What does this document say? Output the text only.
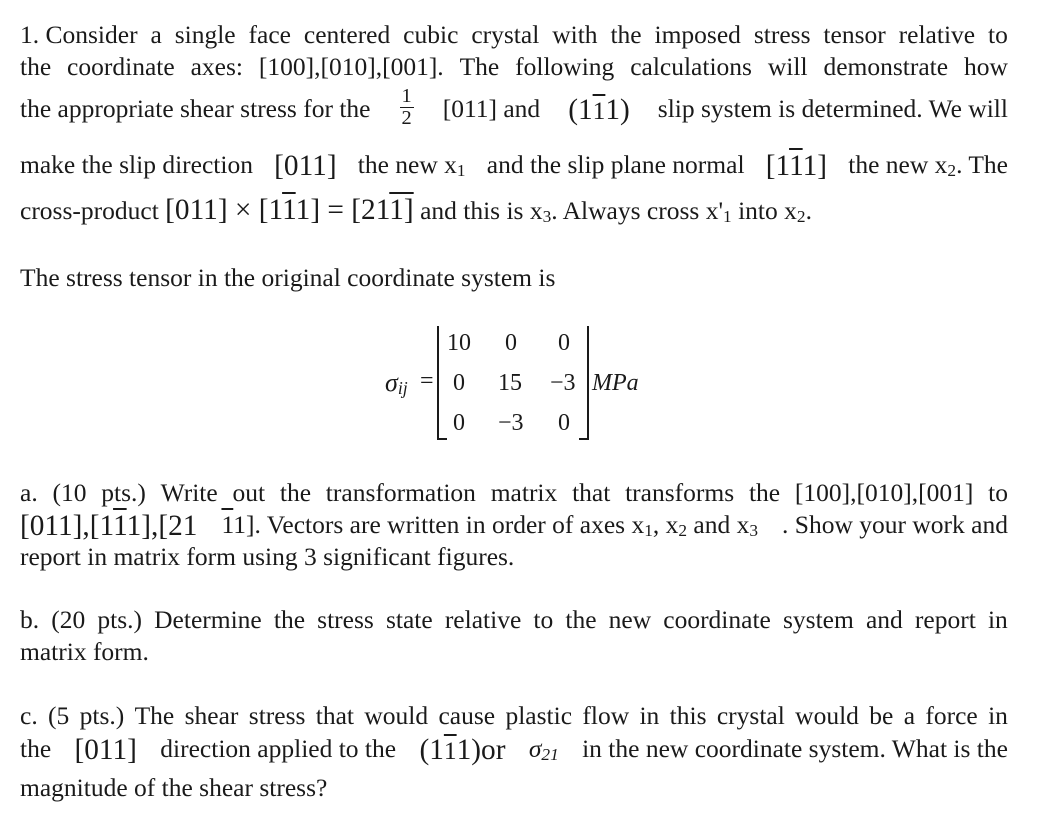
1. Consider a single face centered cubic crystal with the imposed stress tensor relative to
the coordinate axes: [100],[010],[001]. The following calculations will demonstrate how
the appropriate shear stress for the $\frac{1}{2} [011]$ and (111) slip system is determined. We will
make the slip direction [011] the new x1 and the slip plane normal [111] the new x2. The
cross-product [011] × [111] = [211] and this is x3. Always cross x'1 into x2.
The stress tensor in the original coordinate system is
σij =
10 0 0
0 15 −3
0 −3 0
MPa
a. (10 pts.) Write out the transformation matrix that transforms the [100],[010],[001] to
[011],[111],[21 11]. Vectors are written in order of axes x1, x2 and x3 . Show your work and
report in matrix form using 3 significant figures.
b. (20 pts.) Determine the stress state relative to the new coordinate system and report in
matrix form.
c. (5 pts.) The shear stress that would cause plastic flow in this crystal would be a force in
the [011] direction applied to the (111)or σ21 in the new coordinate system. What is the
magnitude of the shear stress?
